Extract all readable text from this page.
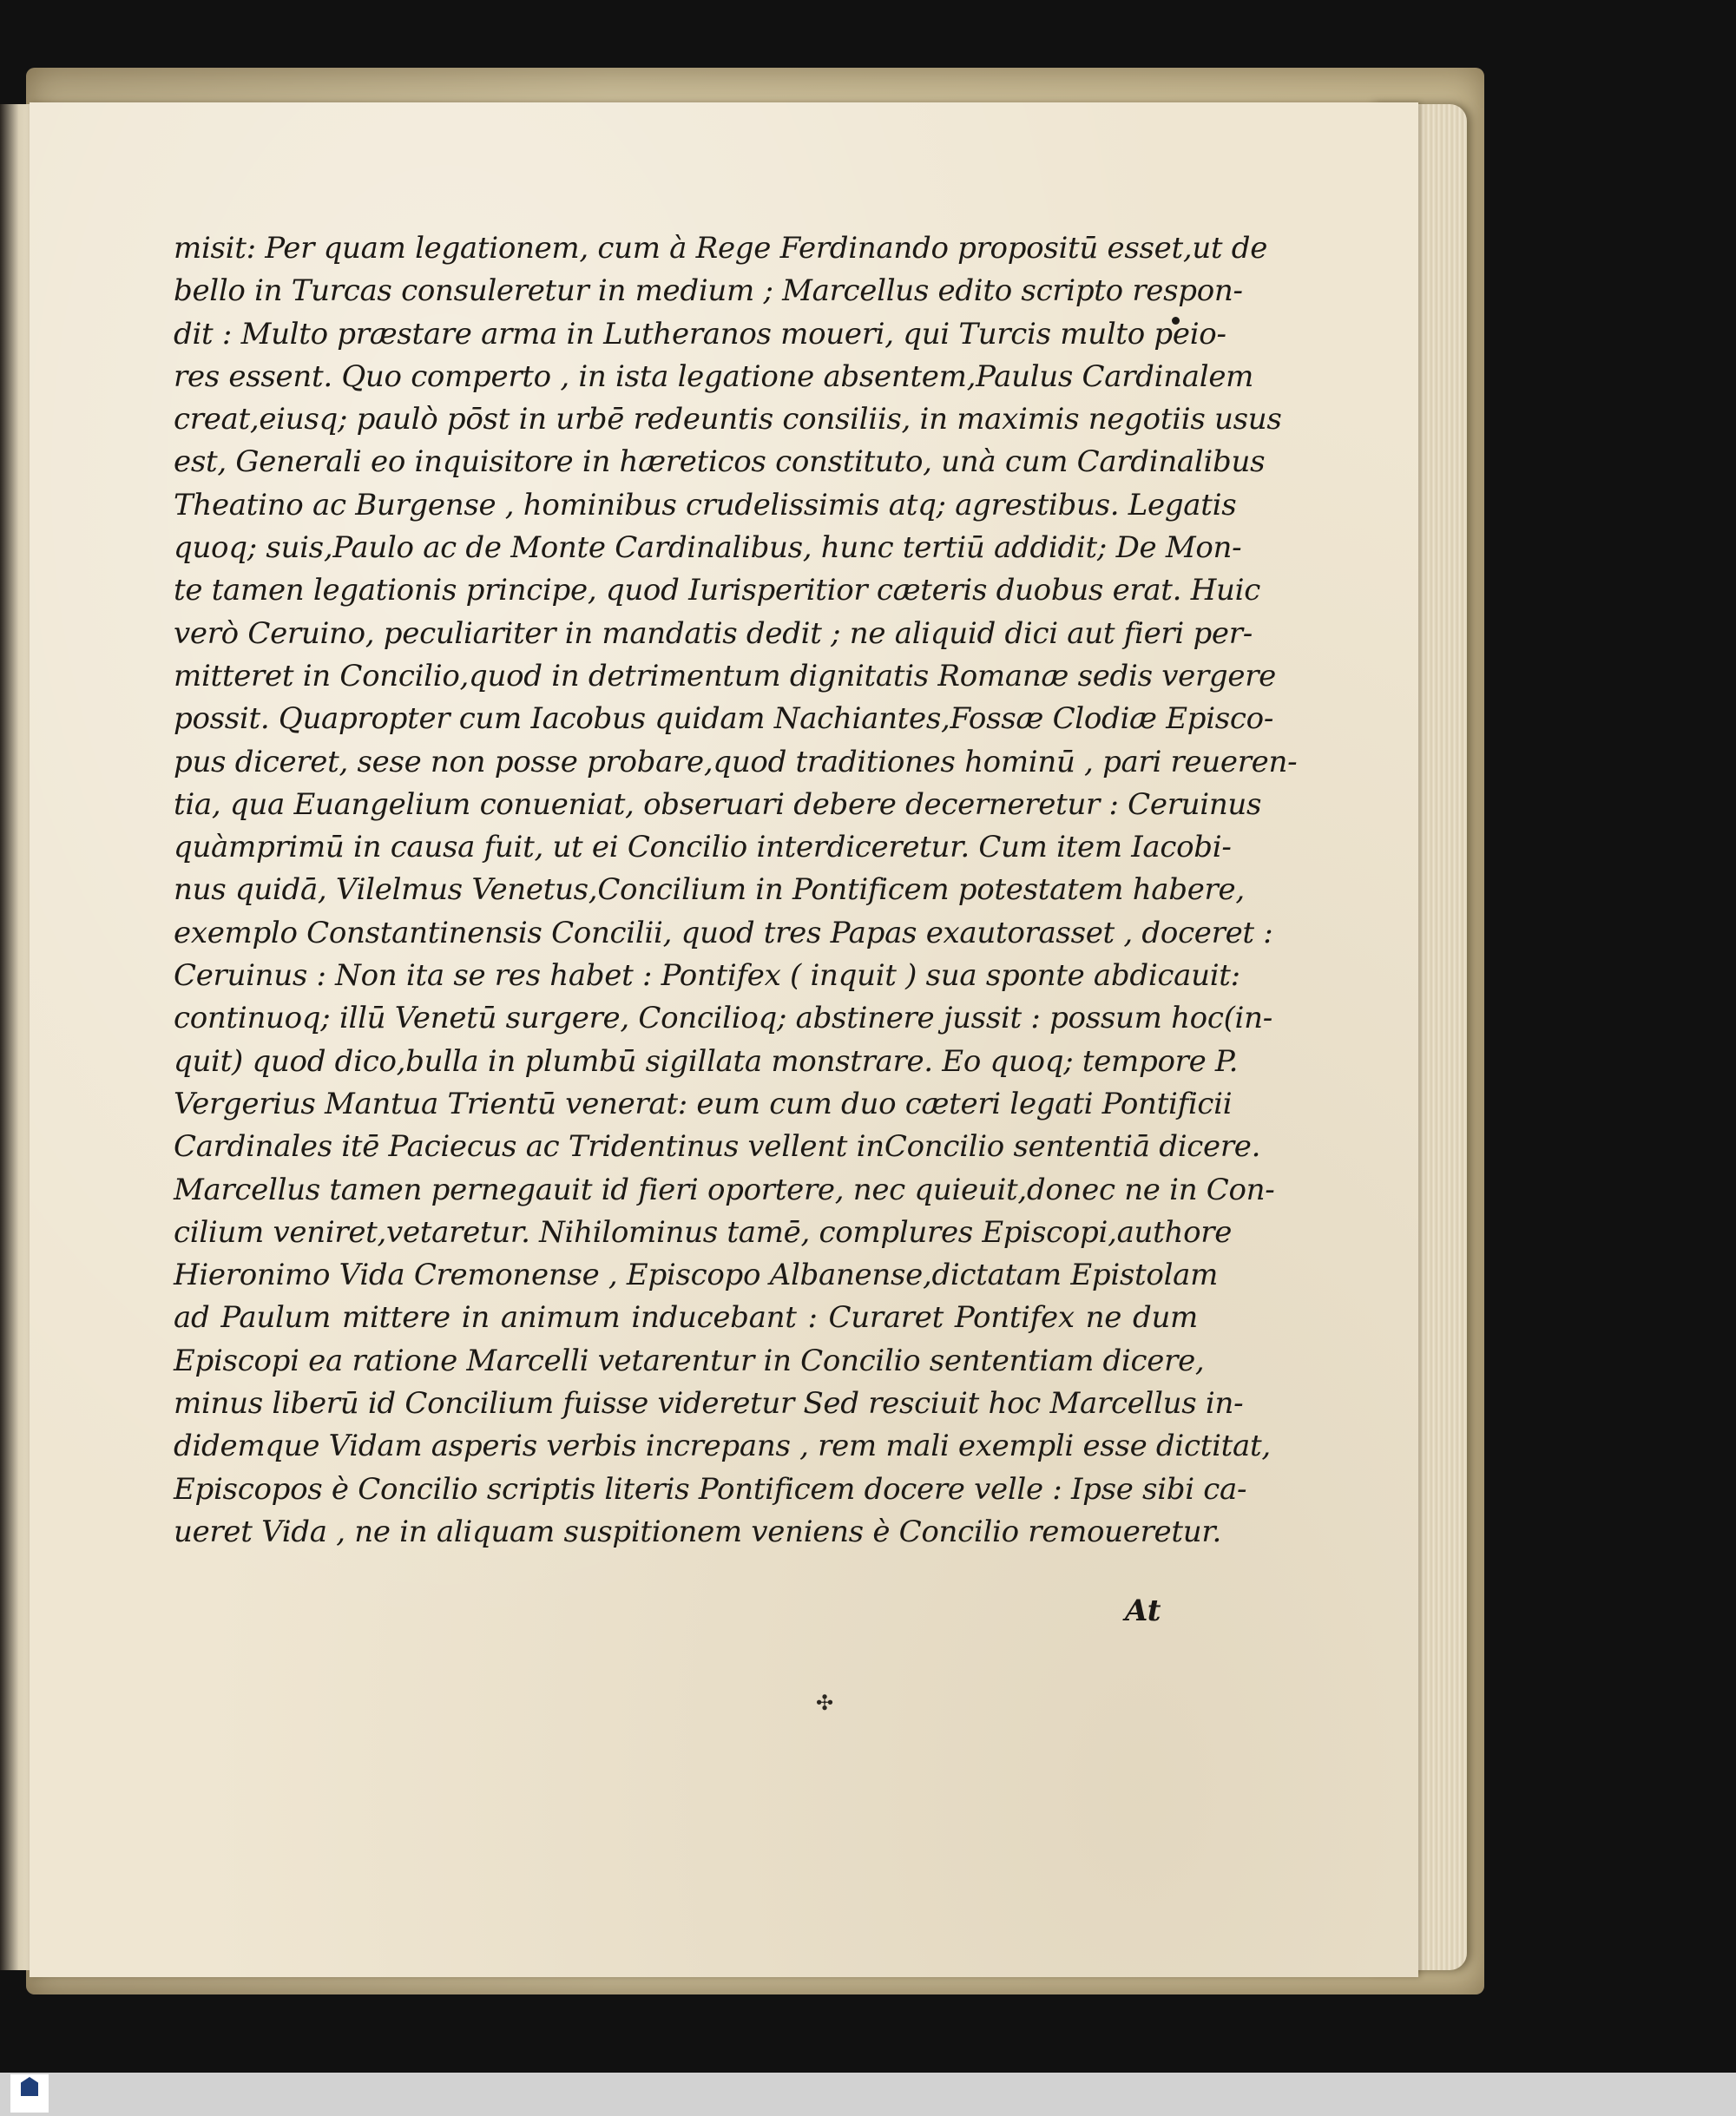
misit: Per quam legationem, cum à Rege Ferdinando propositū esset,ut de
bello in Turcas consuleretur in medium ; Marcellus edito scripto respon-
dit : Multo præstare arma in Lutheranos moueri, qui Turcis multo peio-
res essent. Quo comperto , in ista legatione absentem,Paulus Cardinalem
creat,eiusq; paulò pōst in urbē redeuntis consiliis, in maximis negotiis usus
est, Generali eo inquisitore in hæreticos constituto, unà cum Cardinalibus
Theatino ac Burgense , hominibus crudelissimis atq; agrestibus. Legatis
quoq; suis,Paulo ac de Monte Cardinalibus, hunc tertiū addidit; De Mon-
te tamen legationis principe, quod Iurisperitior cæteris duobus erat. Huic
verò Ceruino, peculiariter in mandatis dedit ; ne aliquid dici aut fieri per-
mitteret in Concilio,quod in detrimentum dignitatis Romanæ sedis vergere
possit. Quapropter cum Iacobus quidam Nachiantes,Fossæ Clodiæ Episco-
pus diceret, sese non posse probare,quod traditiones hominū , pari reueren-
tia, qua Euangelium conueniat, obseruari debere decerneretur : Ceruinus
quàmprimū in causa fuit, ut ei Concilio interdiceretur. Cum item Iacobi-
nus quidā, Vilelmus Venetus,Concilium in Pontificem potestatem habere,
exemplo Constantinensis Concilii, quod tres Papas exautorasset , doceret :
Ceruinus : Non ita se res habet : Pontifex ( inquit ) sua sponte abdicauit:
continuoq; illū Venetū surgere, Concilioq; abstinere jussit : possum hoc(in-
quit) quod dico,bulla in plumbū sigillata monstrare. Eo quoq; tempore P.
Vergerius Mantua Trientū venerat: eum cum duo cæteri legati Pontificii
Cardinales itē Paciecus ac Tridentinus vellent inConcilio sententiā dicere.
Marcellus tamen pernegauit id fieri oportere, nec quieuit,donec ne in Con-
cilium veniret,vetaretur. Nihilominus tamē, complures Episcopi,authore
Hieronimo Vida Cremonense , Episcopo Albanense,dictatam Epistolam
ad Paulum mittere in animum inducebant : Curaret Pontifex ne dum
Episcopi ea ratione Marcelli vetarentur in Concilio sententiam dicere,
minus liberū id Concilium fuisse videretur Sed resciuit hoc Marcellus in-
didemque Vidam asperis verbis increpans , rem mali exempli esse dictitat,
Episcopos è Concilio scriptis literis Pontificem docere velle : Ipse sibi ca-
ueret Vida , ne in aliquam suspitionem veniens è Concilio remoueretur.
At
✣
